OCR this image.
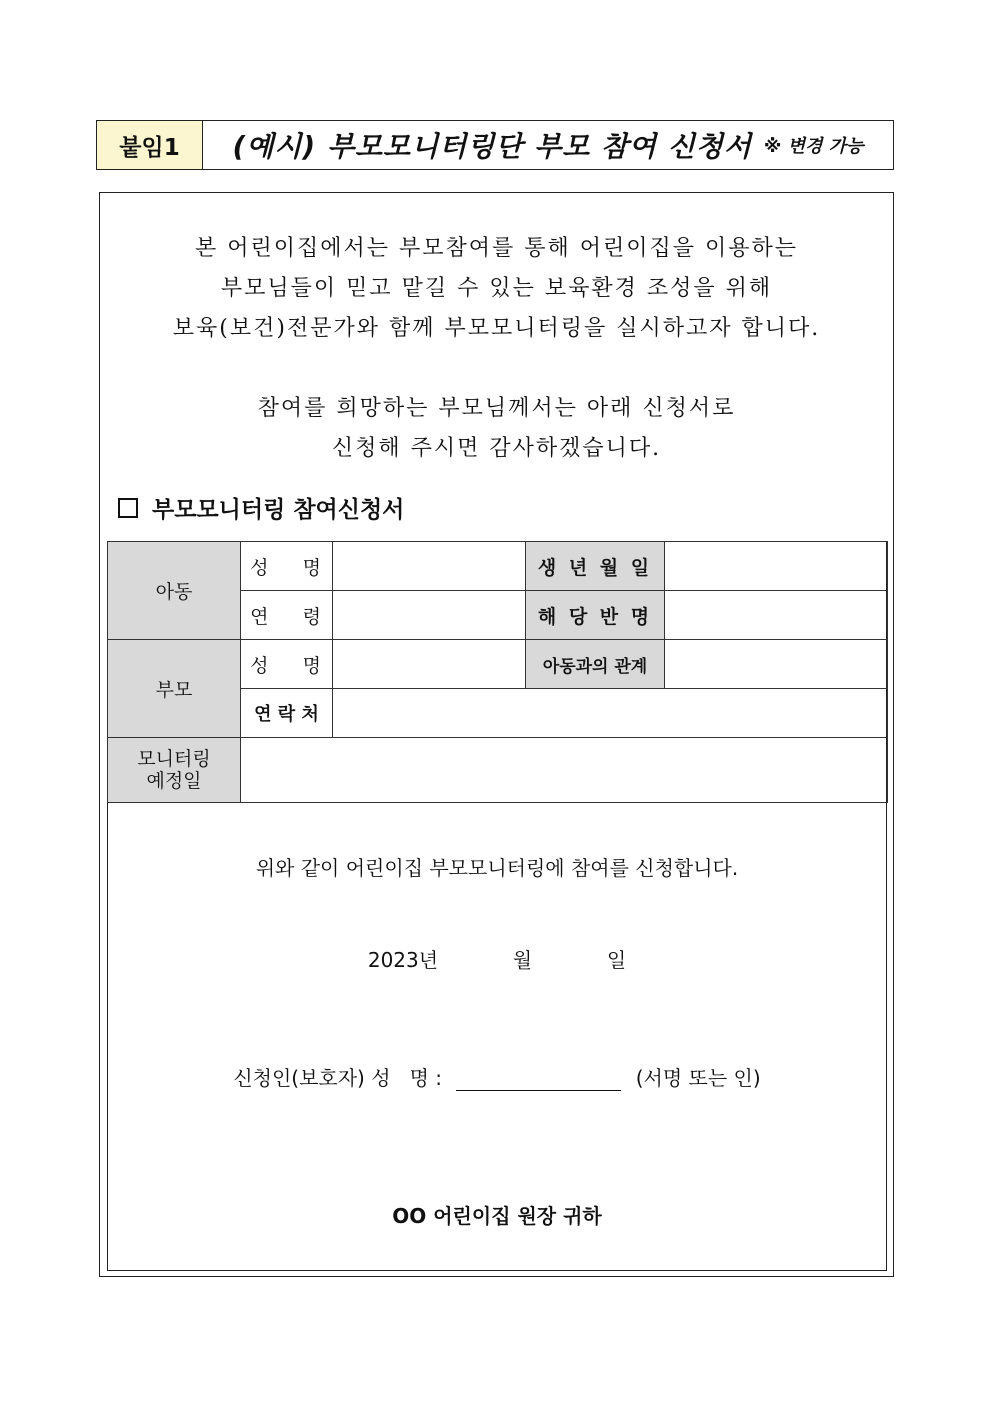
붙임1	(예시) 부모모니터링단 부모 참여 신청서 ※ 변경 가능

본 어린이집에서는 부모참여를 통해 어린이집을 이용하는

부모님들이 믿고 맡길 수 있는 보육환경 조성을 위해

보육(보건)전문가와 함께 부모모니터링을 실시하고자 합니다.

참여를 희망하는 부모님께서는 아래 신청서로

신청해 주시면 감사하겠습니다.

부모모니터링 참여신청서
아동	성    명		생 년 월 일	
	연    령		해 당 반 명	
부모	성    명		아동과의 관계	
	연 락 처			

모니터링
예정일				

위와 같이 어린이집 부모모니터링에 참여를 신청합니다.
2023년	월	일
신청인(보호자) 성   명 :	(서명 또는 인)
OO 어린이집 원장 귀하
